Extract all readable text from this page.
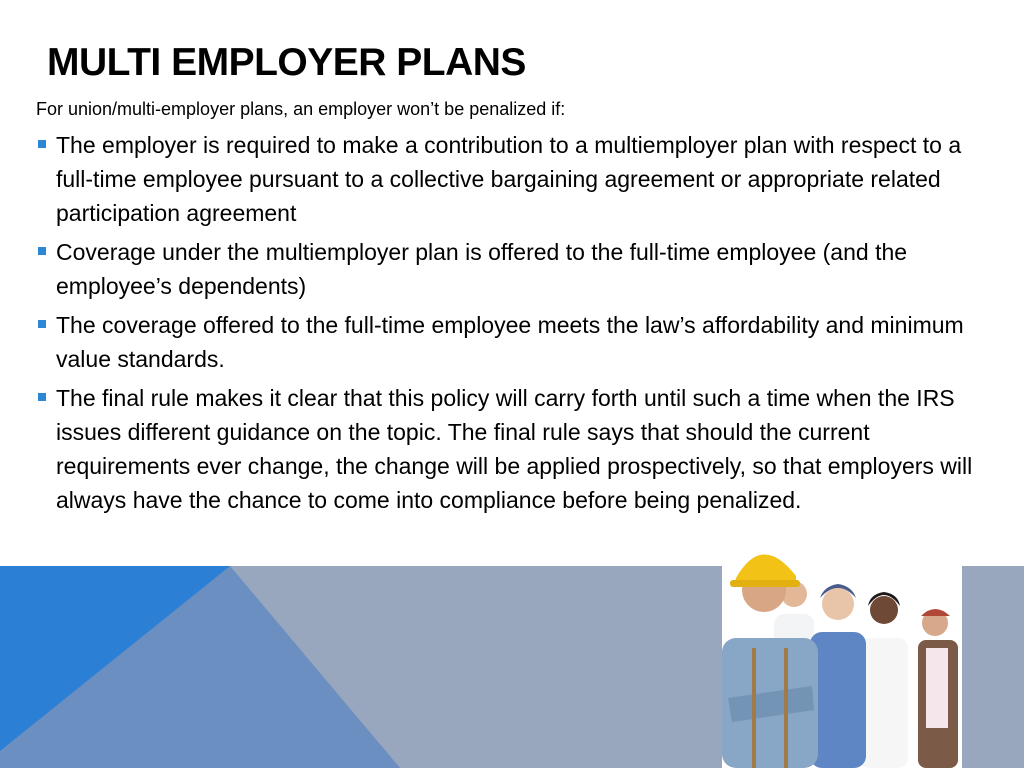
MULTI EMPLOYER PLANS
For union/multi-employer plans, an employer won’t be penalized if:
The employer is required to make a contribution to a multiemployer plan with respect to a full-time employee pursuant to a collective bargaining agreement or appropriate related participation agreement
Coverage under the multiemployer plan is offered to the full-time employee (and the employee’s dependents)
The coverage offered to the full-time employee meets the law’s affordability and minimum value standards.
The final rule makes it clear that this policy will carry forth until such a time when the IRS issues different guidance on the topic. The final rule says that should the current requirements ever change, the change will be applied prospectively, so that employers will always have the chance to come into compliance before being penalized.
